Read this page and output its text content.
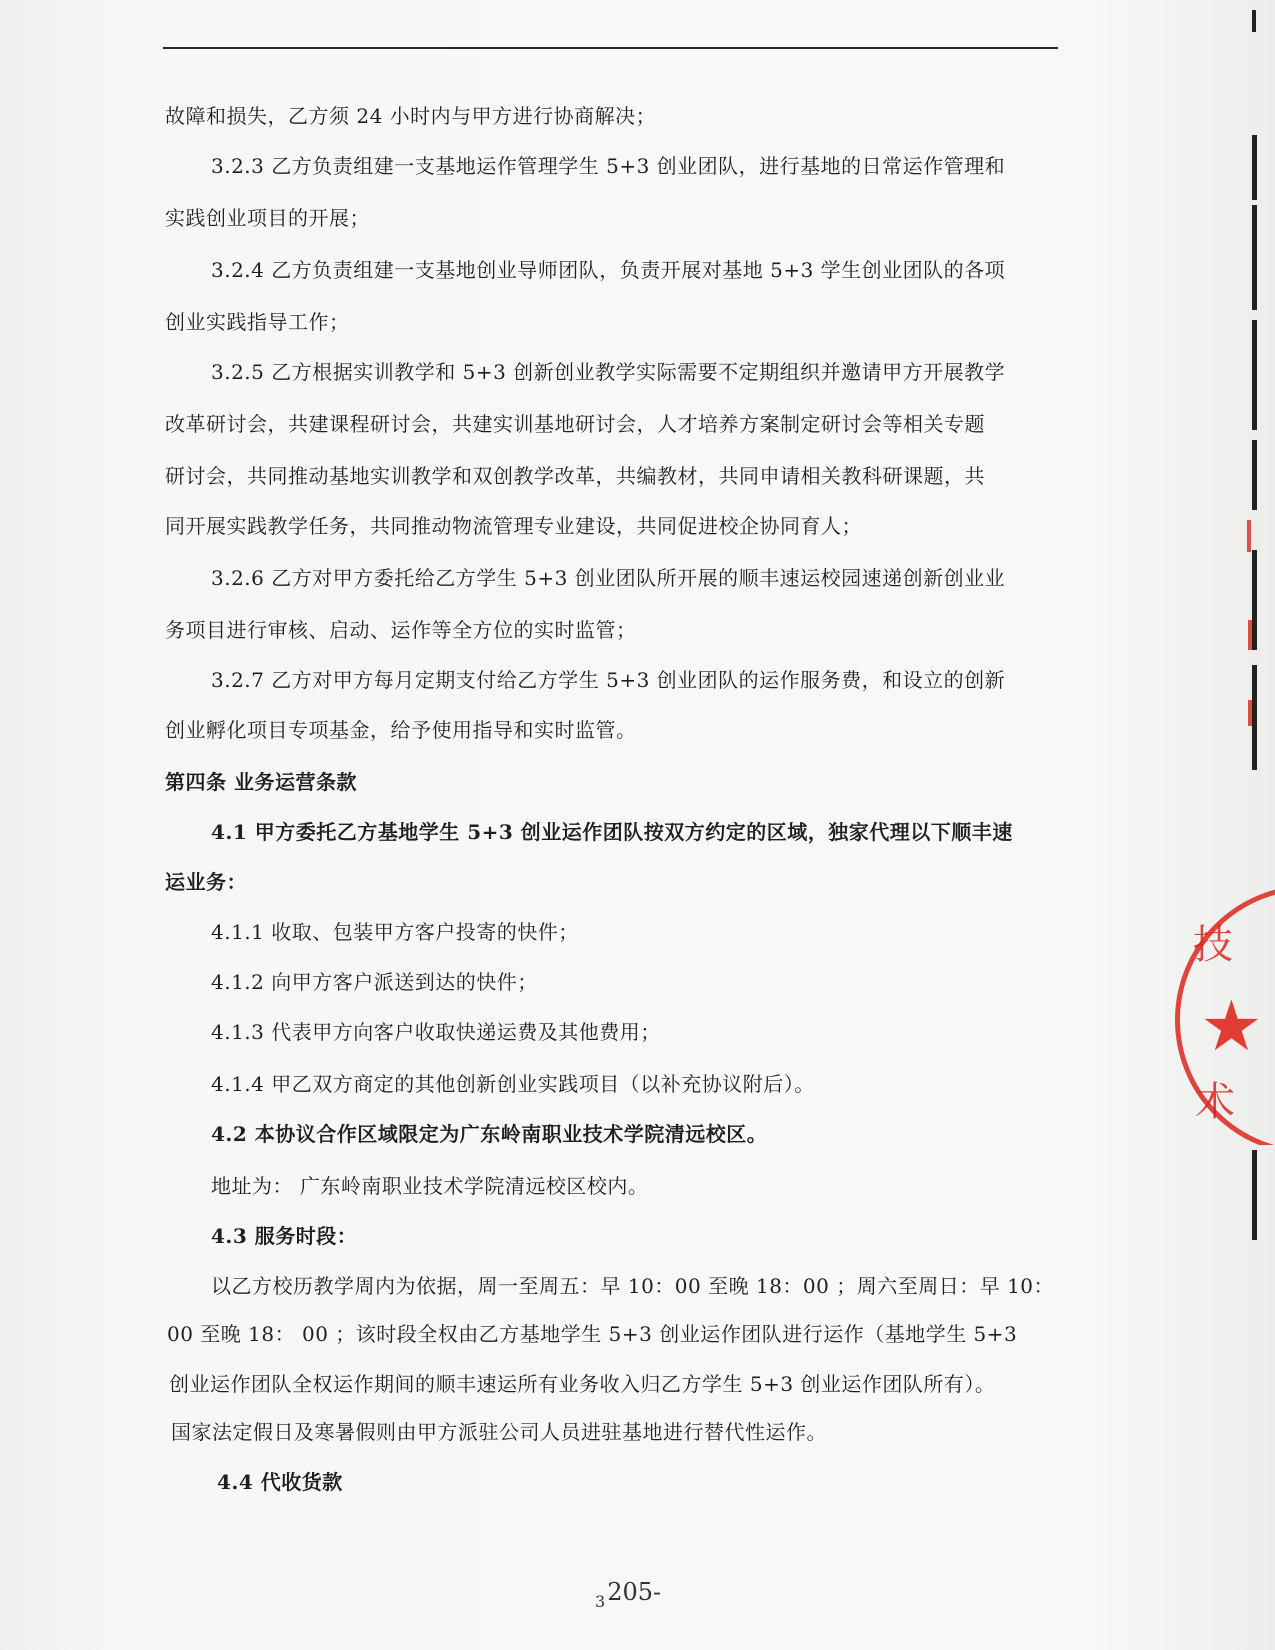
故障和损失，乙方须 24 小时内与甲方进行协商解决；
3.2.3 乙方负责组建一支基地运作管理学生 5+3 创业团队，进行基地的日常运作管理和
实践创业项目的开展；
3.2.4 乙方负责组建一支基地创业导师团队，负责开展对基地 5+3 学生创业团队的各项
创业实践指导工作；
3.2.5 乙方根据实训教学和 5+3 创新创业教学实际需要不定期组织并邀请甲方开展教学
改革研讨会，共建课程研讨会，共建实训基地研讨会，人才培养方案制定研讨会等相关专题
研讨会，共同推动基地实训教学和双创教学改革，共编教材，共同申请相关教科研课题，共
同开展实践教学任务，共同推动物流管理专业建设，共同促进校企协同育人；
3.2.6 乙方对甲方委托给乙方学生 5+3 创业团队所开展的顺丰速运校园速递创新创业业
务项目进行审核、启动、运作等全方位的实时监管；
3.2.7 乙方对甲方每月定期支付给乙方学生 5+3 创业团队的运作服务费，和设立的创新
创业孵化项目专项基金，给予使用指导和实时监管。
第四条 业务运营条款
4.1 甲方委托乙方基地学生 5+3 创业运作团队按双方约定的区域，独家代理以下顺丰速
运业务：
4.1.1 收取、包装甲方客户投寄的快件；
4.1.2 向甲方客户派送到达的快件；
4.1.3 代表甲方向客户收取快递运费及其他费用；
4.1.4 甲乙双方商定的其他创新创业实践项目（以补充协议附后）。
4.2 本协议合作区域限定为广东岭南职业技术学院清远校区。
地址为： 广东岭南职业技术学院清远校区校内。
4.3 服务时段：
以乙方校历教学周内为依据，周一至周五：早 10：00 至晚 18：00 ；周六至周日：早 10：
00 至晚 18： 00 ；该时段全权由乙方基地学生 5+3 创业运作团队进行运作（基地学生 5+3
创业运作团队全权运作期间的顺丰速运所有业务收入归乙方学生 5+3 创业运作团队所有）。
国家法定假日及寒暑假则由甲方派驻公司人员进驻基地进行替代性运作。
4.4 代收货款
$_3$205-
技
★
术
